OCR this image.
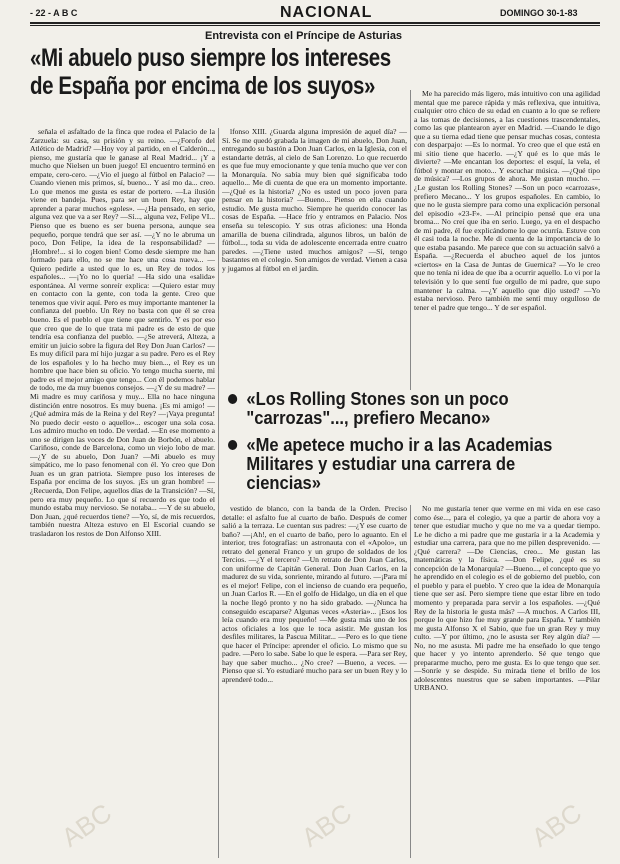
- 22 - A B C	NACIONAL	DOMINGO 30-1-83
Entrevista con el Príncipe de Asturias
«Mi abuelo puso siempre los intereses de España por encima de los suyos»

señala el asfaltado de la finca que rodea el Palacio de la Zarzuela: su casa, su prisión y su reino. —¿Forofo del Atlético de Madrid? —Hoy voy al partido, en el Calderón..., pienso, me gustaría que le ganase al Real Madrid... ¡Y a mucho que Nielsen un buen juego! El encuentro terminó en empate, cero-cero. —¿Vio el juego al fútbol en Palacio? —Cuando vienen mis primos, sí, bueno... Y así mo da... creo. Lo que menos me gusta es estar de portero. —La ilusión viene en bandeja. Pues, para ser un buen Rey, hay que aprender a parar muchos «goles». —¿Ha pensado, en serio, alguna vez que va a ser Rey? —Sí..., alguna vez, Felipe VI... Pienso que es bueno es ser buena persona, aunque sea pequeño, porque tendrá que ser así. —¿Y no le abruma un poco, Don Felipe, la idea de la responsabilidad? —¡Hombre!... si lo cogen bien! Como desde siempre me han formado para ello, no se me hace una cosa nueva... —Quiero pedirle a usted que lo es, un Rey de todos los españoles... —¡Yo no lo quería! —Ha sido una «salida» espontánea. Al verme sonreír explica: —Quiero estar muy en contacto con la gente, con toda la gente. Creo que tenemos que vivir aquí. Pero es muy importante mantener la confianza del pueblo. Un Rey no basta con que él se crea bueno. Es el pueblo el que tiene que sentirlo. Y es por eso que creo que de lo que trata mi padre es de esto de que tendría esa confianza del pueblo. —¿Se atreverá, Alteza, a emitir un juicio sobre la figura del Rey Don Juan Carlos? —Es muy difícil para mí hijo juzgar a su padre. Pero es el Rey de los españoles y lo ha hecho muy bien..., el Rey es un hombre que hace bien su oficio. Yo tengo mucha suerte, mi padre es el mejor amigo que tengo... Con él podemos hablar de todo, me da muy buenos consejos. —¿Y de su madre? —Mi madre es muy cariñosa y muy... Ella no hace ninguna distinción entre nosotros. Es muy buena. ¡Es mi amigo! —¿Qué admira más de la Reina y del Rey? —¡Vaya pregunta! No puedo decir «esto o aquello»... escoger una sola cosa. Los admiro mucho en todo. De verdad. —En ese momento a uno se dirigen las voces de Don Juan de Borbón, el abuelo. Cariñoso, conde de Barcelona, como un viejo lobo de mar. —¿Y de su abuelo, Don Juan? —Mi abuelo es muy simpático, me lo paso fenomenal con él. Yo creo que Don Juan es un gran patriota. Siempre puso los intereses de España por encima de los suyos. ¡Es un gran hombre! —¿Recuerda, Don Felipe, aquellos días de la Transición? —Sí, pero era muy pequeño. Lo que sí recuerdo es que todo el mundo estaba muy nervioso. Se notaba... —Y de su abuelo, Don Juan, ¿qué recuerdos tiene? —Yo, sí, de mis recuerdos, también nuestra Alteza estuvo en El Escorial cuando se trasladaron los restos de Don Alfonso XIII.

lfonso XIII. ¿Guarda alguna impresión de aquel día? —Sí. Se me quedó grabada la imagen de mi abuelo, Don Juan, entregando su bastón a Don Juan Carlos, en la Iglesia, con el estandarte detrás, al cielo de San Lorenzo. Lo que recuerdo es que fue muy emocionante y que tenía mucho que ver con la Monarquía. No sabía muy bien qué significaba todo aquello... Me di cuenta de que era un momento importante. —¿Qué es la historia? ¿No es usted un poco joven para pensar en la historia? —Bueno... Pienso en ella cuando estudio. Me gusta mucho. Siempre he querido conocer las cosas de España. —Hace frío y entramos en Palacio. Nos enseña su telescopio. Y sus otras aficiones: una Honda amarilla de buena cilindrada, algunos libros, un balón de fútbol..., toda su vida de adolescente encerrada entre cuatro paredes. —¿Tiene usted muchos amigos? —Sí, tengo bastantes en el colegio. Son amigos de verdad. Vienen a casa y jugamos al fútbol en el jardín.

Me ha parecido más ligero, más intuitivo con una agilidad mental que me parece rápida y más reflexiva, que intuitiva, cualquier otro chico de su edad en cuanto a lo que se refiere a las tomas de decisiones, a las cuestiones trascendentales, como las que plantearon ayer en Madrid. —Cuando le digo que a su tierna edad tiene que pensar muchas cosas, contesta con desparpajo: —Es lo normal. Yo creo que el que está en mi sitio tiene que hacerlo. —¿Y qué es lo que más le divierte? —Me encantan los deportes: el esquí, la vela, el fútbol y montar en moto... Y escuchar música. —¿Qué tipo de música? —Los grupos de ahora. Me gustan mucho. —¿Le gustan los Rolling Stones? —Son un poco «carrozas», prefiero Mecano... Y los grupos españoles. En cambio, lo que no le gusta siempre para como una explicación personal del episodio «23-F». —Al principio pensé que era una broma... No creí que iba en serio. Luego, ya en el despacho de mi padre, él fue explicándome lo que ocurría. Estuve con él casi toda la noche. Me di cuenta de la importancia de lo que estaba pasando. Me parece que con su actuación salvó a España. —¿Recuerda el abucheo aquel de los juntos «ciertos» en la Casa de Juntas de Guernica? —Yo le creo que no tenía ni idea de que iba a ocurrir aquello. Lo vi por la televisión y lo que sentí fue orgullo de mi padre, que supo mantener la calma. —¿Y aquello que dijo usted? —Yo estaba nervioso. Pero también me sentí muy orgulloso de tener el padre que tengo... Y de ser español.

«Los Rolling Stones son un poco "carrozas"..., prefiero Mecano»
«Me apetece mucho ir a las Academias Militares y estudiar una carrera de ciencias»

vestido de blanco, con la banda de la Orden. Preciso detalle: el asfalto fue al cuarto de baño. Después de comer salió a la terraza. Le cuentan sus padres: —¿Y ese cuarto de baño? —¡Ah!, en el cuarto de baño, pero lo aguanto. En el interior, tres fotografías: un astronauta con el «Apolo», un retrato del general Franco y un grupo de soldados de los Tercios. —¿Y el tercero? —Un retrato de Don Juan Carlos, con uniforme de Capitán General. Don Juan Carlos, en la madurez de su vida, sonriente, mirando al futuro. —¡Para mí es el mejor! Felipe, con el incienso de cuando era pequeño, un Juan Carlos R. —En el golfo de Hidalgo, un día en el que la noche llegó pronto y no ha sido grabado. —¿Nunca ha conseguido escaparse? Algunas veces «Asteria»... ¡Esos los leía cuando era muy pequeño! —Me gusta más uno de los actos oficiales a los que le toca asistir. Me gustan los desfiles militares, la Pascua Militar... —Pero es lo que tiene que hacer el Príncipe: aprender el oficio. Lo mismo que su padre. —Pero lo sabe. Sabe lo que le espera. —Para ser Rey, hay que saber mucho... ¿No cree? —Bueno, a veces. —Pienso que sí. Yo estudiaré mucho para ser un buen Rey y lo aprenderé todo...

No me gustaría tener que verme en mi vida en ese caso como ése..., para el colegio, ya que a partir de ahora voy a tener que estudiar mucho y que no me va a quedar tiempo. Le he dicho a mi padre que me gustaría ir a la Academia y estudiar una carrera, para que no me pillen desprevenido. —¿Qué carrera? —De Ciencias, creo... Me gustan las matemáticas y la física. —Don Felipe, ¿qué es su concepción de la Monarquía? —Bueno..., el concepto que yo he aprendido en el colegio es el de gobierno del pueblo, con el pueblo y para el pueblo. Y creo que la idea de Monarquía tiene que ser así. Pero siempre tiene que estar libre en todo momento y preparada para servir a los españoles. —¿Qué Rey de la historia le gusta más? —A muchos. A Carlos III, porque lo que hizo fue muy grande para España. Y también me gusta Alfonso X el Sabio, que fue un gran Rey y muy culto. —Y por último, ¿no le asusta ser Rey algún día? —No, no me asusta. Mi padre me ha enseñado lo que tengo que hacer y yo intento aprenderlo. Sé que tengo que prepararme mucho, pero me gusta. Es lo que tengo que ser. —Sonríe y se despide. Su mirada tiene el brillo de los adolescentes nuestros que se saben importantes. —Pilar URBANO.

ABC	ABC	ABC
